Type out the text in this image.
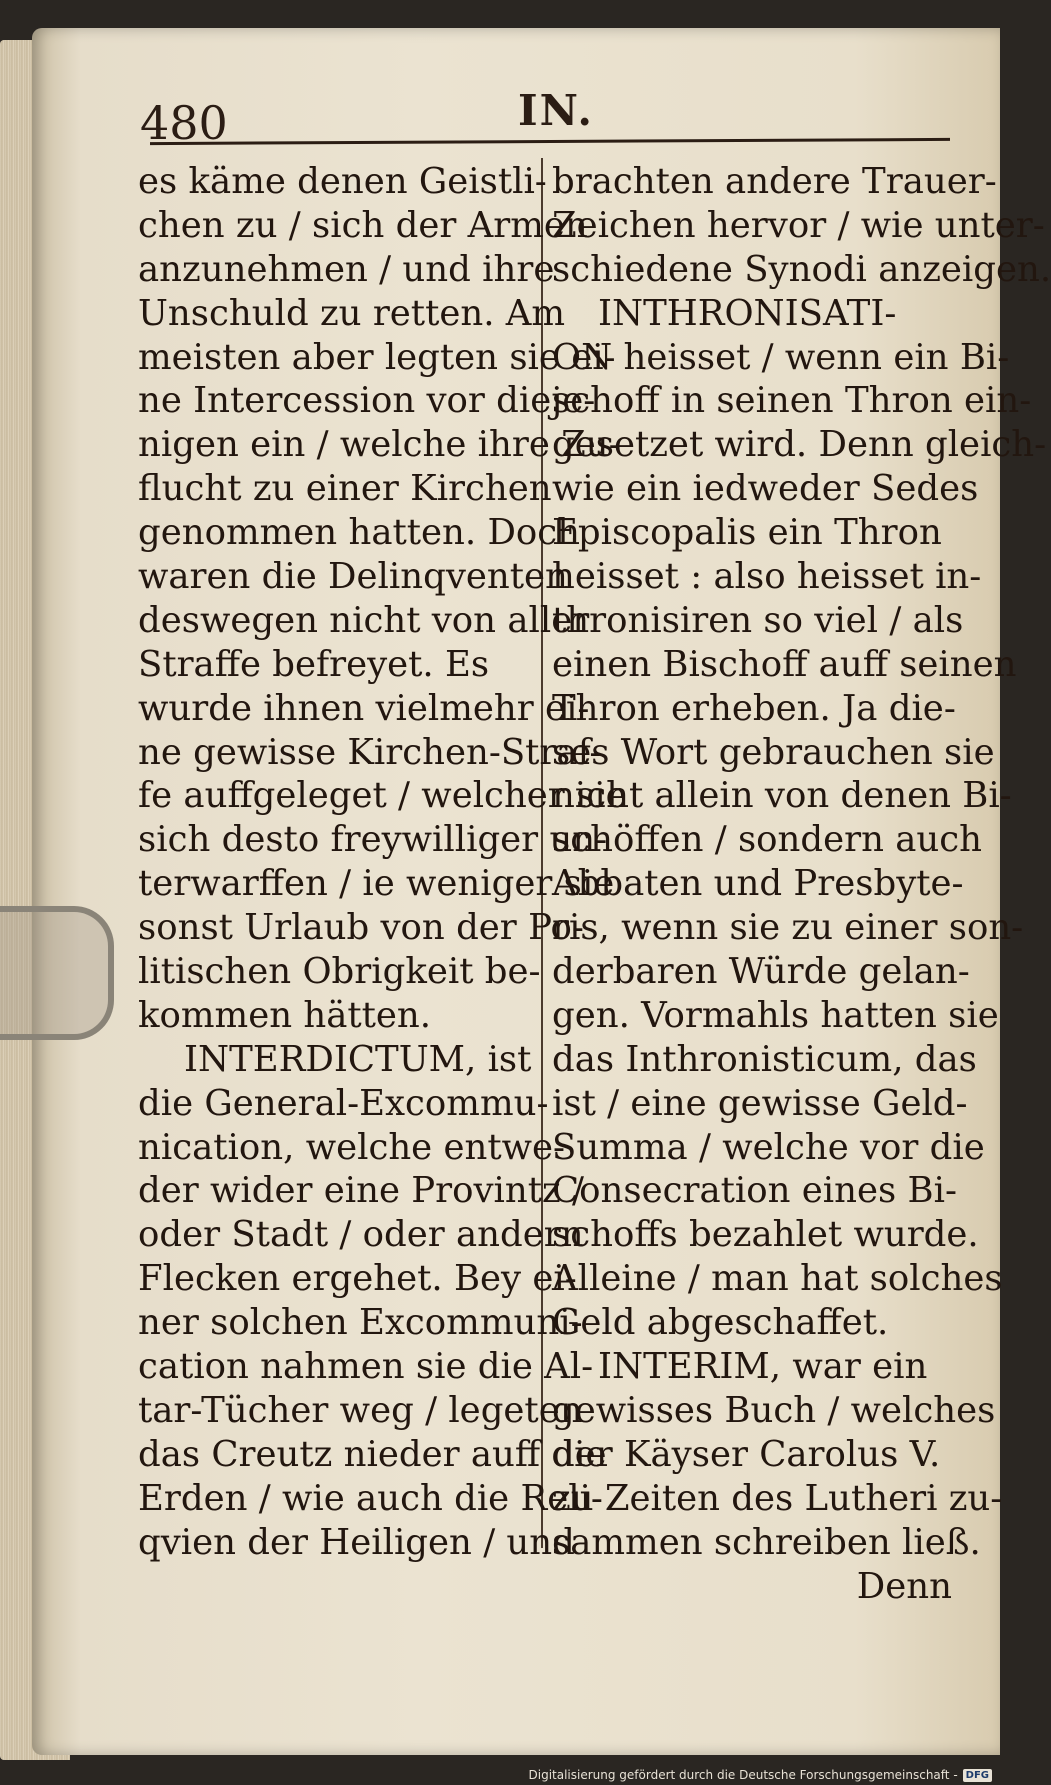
480	IN.
es käme denen Geistli-
chen zu / sich der Armen
anzunehmen / und ihre
Unschuld zu retten. Am
meisten aber legten sie ei-
ne Intercession vor dieje-
nigen ein / welche ihre Zu-
flucht zu einer Kirchen
genommen hatten. Doch
waren die Delinqventen
deswegen nicht von aller
Straffe befreyet. Es
wurde ihnen vielmehr ei-
ne gewisse Kirchen-Straf-
fe auffgeleget / welcher sie
sich desto freywilliger un-
terwarffen / ie weniger sie
sonst Urlaub von der Po-
litischen Obrigkeit be-
kommen hätten.
INTERDICTUM, ist
die General-Excommu-
nication, welche entwe-
der wider eine Provintz /
oder Stadt / oder andern
Flecken ergehet. Bey ei-
ner solchen Excommuni-
cation nahmen sie die Al-
tar-Tücher weg / legeten
das Creutz nieder auff die
Erden / wie auch die Reli-
qvien der Heiligen / und
brachten andere Trauer-
Zeichen hervor / wie unter-
schiedene Synodi anzeigen.
INTHRONISATI-
ON heisset / wenn ein Bi-
schoff in seinen Thron ein-
gesetzet wird. Denn gleich-
wie ein iedweder Sedes
Episcopalis ein Thron
heisset : also heisset in-
thronisiren so viel / als
einen Bischoff auff seinen
Thron erheben. Ja die-
ses Wort gebrauchen sie
nicht allein von denen Bi-
schöffen / sondern auch
Abbaten und Presbyte-
ris, wenn sie zu einer son-
derbaren Würde gelan-
gen. Vormahls hatten sie
das Inthronisticum, das
ist / eine gewisse Geld-
Summa / welche vor die
Consecration eines Bi-
schoffs bezahlet wurde.
Alleine / man hat solches
Geld abgeschaffet.
INTERIM, war ein
gewisses Buch / welches
der Käyser Carolus V.
zu Zeiten des Lutheri zu-
sammen schreiben ließ.
Denn
Digitalisierung gefördert durch die Deutsche Forschungsgemeinschaft - DFG
